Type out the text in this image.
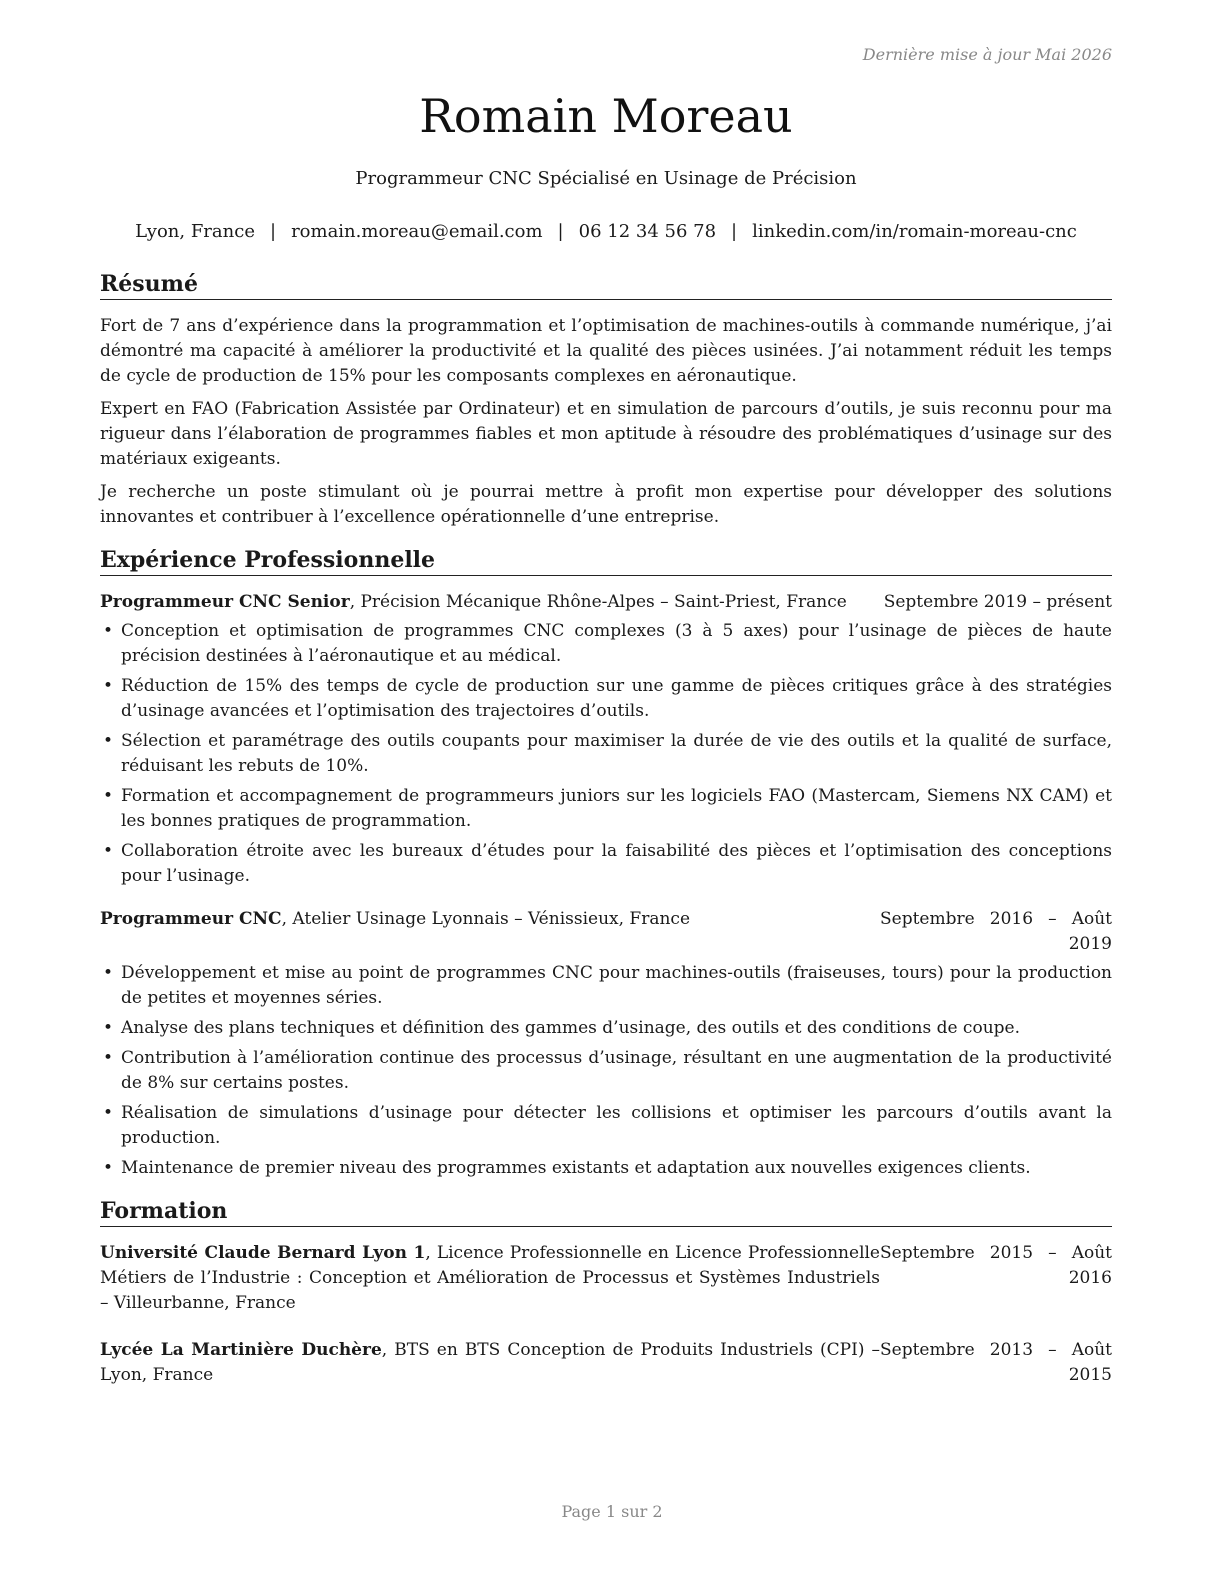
Dernière mise à jour Mai 2026
Romain Moreau
Programmeur CNC Spécialisé en Usinage de Précision
Lyon, France | romain.moreau@email.com | 06 12 34 56 78 | linkedin.com/in/romain-moreau-cnc
Résumé

Fort de 7 ans d’expérience dans la programmation et l’optimisation de machines-outils à commande numérique, j’ai démontré ma capacité à améliorer la productivité et la qualité des pièces usinées. J’ai notamment réduit les temps de cycle de production de 15% pour les composants complexes en aéronautique.

Expert en FAO (Fabrication Assistée par Ordinateur) et en simulation de parcours d’outils, je suis reconnu pour ma rigueur dans l’élaboration de programmes fiables et mon aptitude à résoudre des problématiques d’usinage sur des matériaux exigeants.

Je recherche un poste stimulant où je pourrai mettre à profit mon expertise pour développer des solutions innovantes et contribuer à l’excellence opérationnelle d’une entreprise.

Expérience Professionnelle
Programmeur CNC Senior, Précision Mécanique Rhône-Alpes – Saint-Priest, France	Septembre 2019 – présent
• Conception et optimisation de programmes CNC complexes (3 à 5 axes) pour l’usinage de pièces de haute précision destinées à l’aéronautique et au médical.
• Réduction de 15% des temps de cycle de production sur une gamme de pièces critiques grâce à des stratégies d’usinage avancées et l’optimisation des trajectoires d’outils.
• Sélection et paramétrage des outils coupants pour maximiser la durée de vie des outils et la qualité de surface, réduisant les rebuts de 10%.
• Formation et accompagnement de programmeurs juniors sur les logiciels FAO (Mastercam, Siemens NX CAM) et les bonnes pratiques de programmation.
• Collaboration étroite avec les bureaux d’études pour la faisabilité des pièces et l’optimisation des conceptions pour l’usinage.
Programmeur CNC, Atelier Usinage Lyonnais – Vénissieux, France	Septembre 2016 – Août 2019
• Développement et mise au point de programmes CNC pour machines-outils (fraiseuses, tours) pour la production de petites et moyennes séries.
• Analyse des plans techniques et définition des gammes d’usinage, des outils et des conditions de coupe.
• Contribution à l’amélioration continue des processus d’usinage, résultant en une augmentation de la productivité de 8% sur certains postes.
• Réalisation de simulations d’usinage pour détecter les collisions et optimiser les parcours d’outils avant la production.
• Maintenance de premier niveau des programmes existants et adaptation aux nouvelles exigences clients.
Formation
Université Claude Bernard Lyon 1, Licence Professionnelle en Licence Professionnelle Métiers de l’Industrie : Conception et Amélioration de Processus et Systèmes Industriels – Villeurbanne, France
Septembre 2015 – Août 2016
Lycée La Martinière Duchère, BTS en BTS Conception de Produits Industriels (CPI) – Lyon, France
Septembre 2013 – Août 2015
Page 1 sur 2
